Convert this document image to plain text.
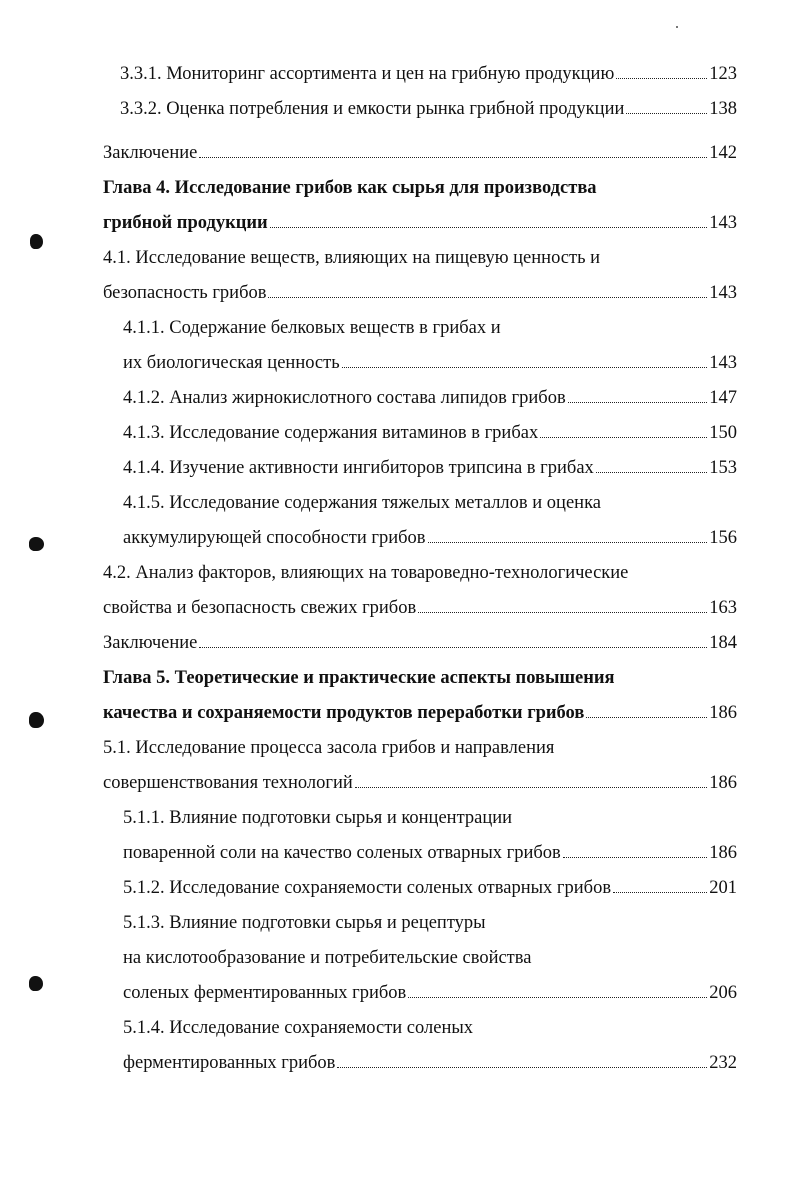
3.3.1. Мониторинг ассортимента и цен на грибную продукцию	123
3.3.2. Оценка потребления и емкости рынка грибной продукции	138
Заключение	142
Глава 4. Исследование грибов как сырья для производства
грибной продукции	143
4.1. Исследование веществ, влияющих на пищевую ценность и
безопасность грибов	143
4.1.1. Содержание белковых веществ в грибах и
их биологическая ценность	143
4.1.2. Анализ жирнокислотного состава липидов грибов	147
4.1.3. Исследование содержания витаминов в грибах	150
4.1.4. Изучение активности ингибиторов трипсина в грибах	153
4.1.5. Исследование содержания тяжелых металлов и оценка
аккумулирующей способности грибов	156
4.2. Анализ факторов, влияющих на товароведно-технологические
свойства и безопасность свежих грибов	163
Заключение	184
Глава 5. Теоретические и практические аспекты повышения
качества и сохраняемости продуктов переработки грибов	186
5.1. Исследование процесса засола грибов и направления
совершенствования технологий	186
5.1.1. Влияние подготовки сырья и концентрации
поваренной соли на качество соленых отварных грибов	186
5.1.2. Исследование сохраняемости соленых отварных грибов	201
5.1.3. Влияние подготовки сырья и рецептуры
на кислотообразование и потребительские свойства
соленых ферментированных грибов	206
5.1.4. Исследование сохраняемости соленых
ферментированных грибов	232
